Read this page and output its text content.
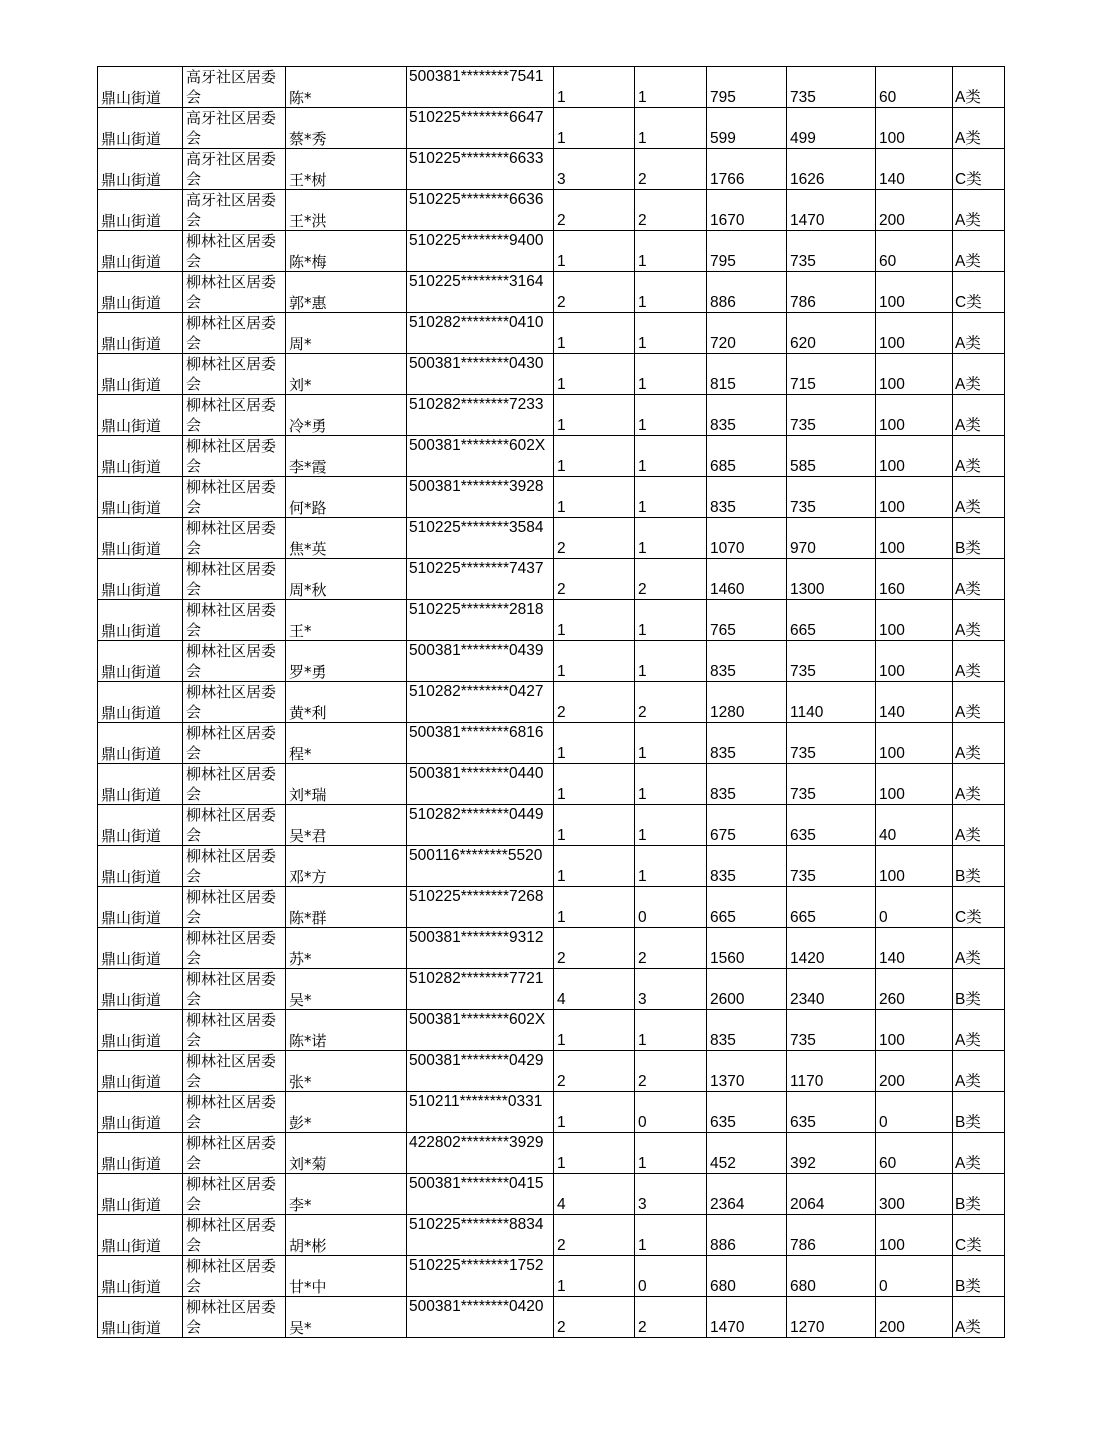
鼎山街道	高牙社区居委会	陈*	500381********7541	1	1	795	735	60	A类
鼎山街道	高牙社区居委会	蔡*秀	510225********6647	1	1	599	499	100	A类
鼎山街道	高牙社区居委会	王*树	510225********6633	3	2	1766	1626	140	C类
鼎山街道	高牙社区居委会	王*洪	510225********6636	2	2	1670	1470	200	A类
鼎山街道	柳林社区居委会	陈*梅	510225********9400	1	1	795	735	60	A类
鼎山街道	柳林社区居委会	郭*惠	510225********3164	2	1	886	786	100	C类
鼎山街道	柳林社区居委会	周*	510282********0410	1	1	720	620	100	A类
鼎山街道	柳林社区居委会	刘*	500381********0430	1	1	815	715	100	A类
鼎山街道	柳林社区居委会	冷*勇	510282********7233	1	1	835	735	100	A类
鼎山街道	柳林社区居委会	李*霞	500381********602X	1	1	685	585	100	A类
鼎山街道	柳林社区居委会	何*路	500381********3928	1	1	835	735	100	A类
鼎山街道	柳林社区居委会	焦*英	510225********3584	2	1	1070	970	100	B类
鼎山街道	柳林社区居委会	周*秋	510225********7437	2	2	1460	1300	160	A类
鼎山街道	柳林社区居委会	王*	510225********2818	1	1	765	665	100	A类
鼎山街道	柳林社区居委会	罗*勇	500381********0439	1	1	835	735	100	A类
鼎山街道	柳林社区居委会	黄*利	510282********0427	2	2	1280	1140	140	A类
鼎山街道	柳林社区居委会	程*	500381********6816	1	1	835	735	100	A类
鼎山街道	柳林社区居委会	刘*瑞	500381********0440	1	1	835	735	100	A类
鼎山街道	柳林社区居委会	吴*君	510282********0449	1	1	675	635	40	A类
鼎山街道	柳林社区居委会	邓*方	500116********5520	1	1	835	735	100	B类
鼎山街道	柳林社区居委会	陈*群	510225********7268	1	0	665	665	0	C类
鼎山街道	柳林社区居委会	苏*	500381********9312	2	2	1560	1420	140	A类
鼎山街道	柳林社区居委会	吴*	510282********7721	4	3	2600	2340	260	B类
鼎山街道	柳林社区居委会	陈*诺	500381********602X	1	1	835	735	100	A类
鼎山街道	柳林社区居委会	张*	500381********0429	2	2	1370	1170	200	A类
鼎山街道	柳林社区居委会	彭*	510211********0331	1	0	635	635	0	B类
鼎山街道	柳林社区居委会	刘*菊	422802********3929	1	1	452	392	60	A类
鼎山街道	柳林社区居委会	李*	500381********0415	4	3	2364	2064	300	B类
鼎山街道	柳林社区居委会	胡*彬	510225********8834	2	1	886	786	100	C类
鼎山街道	柳林社区居委会	甘*中	510225********1752	1	0	680	680	0	B类
鼎山街道	柳林社区居委会	吴*	500381********0420	2	2	1470	1270	200	A类
